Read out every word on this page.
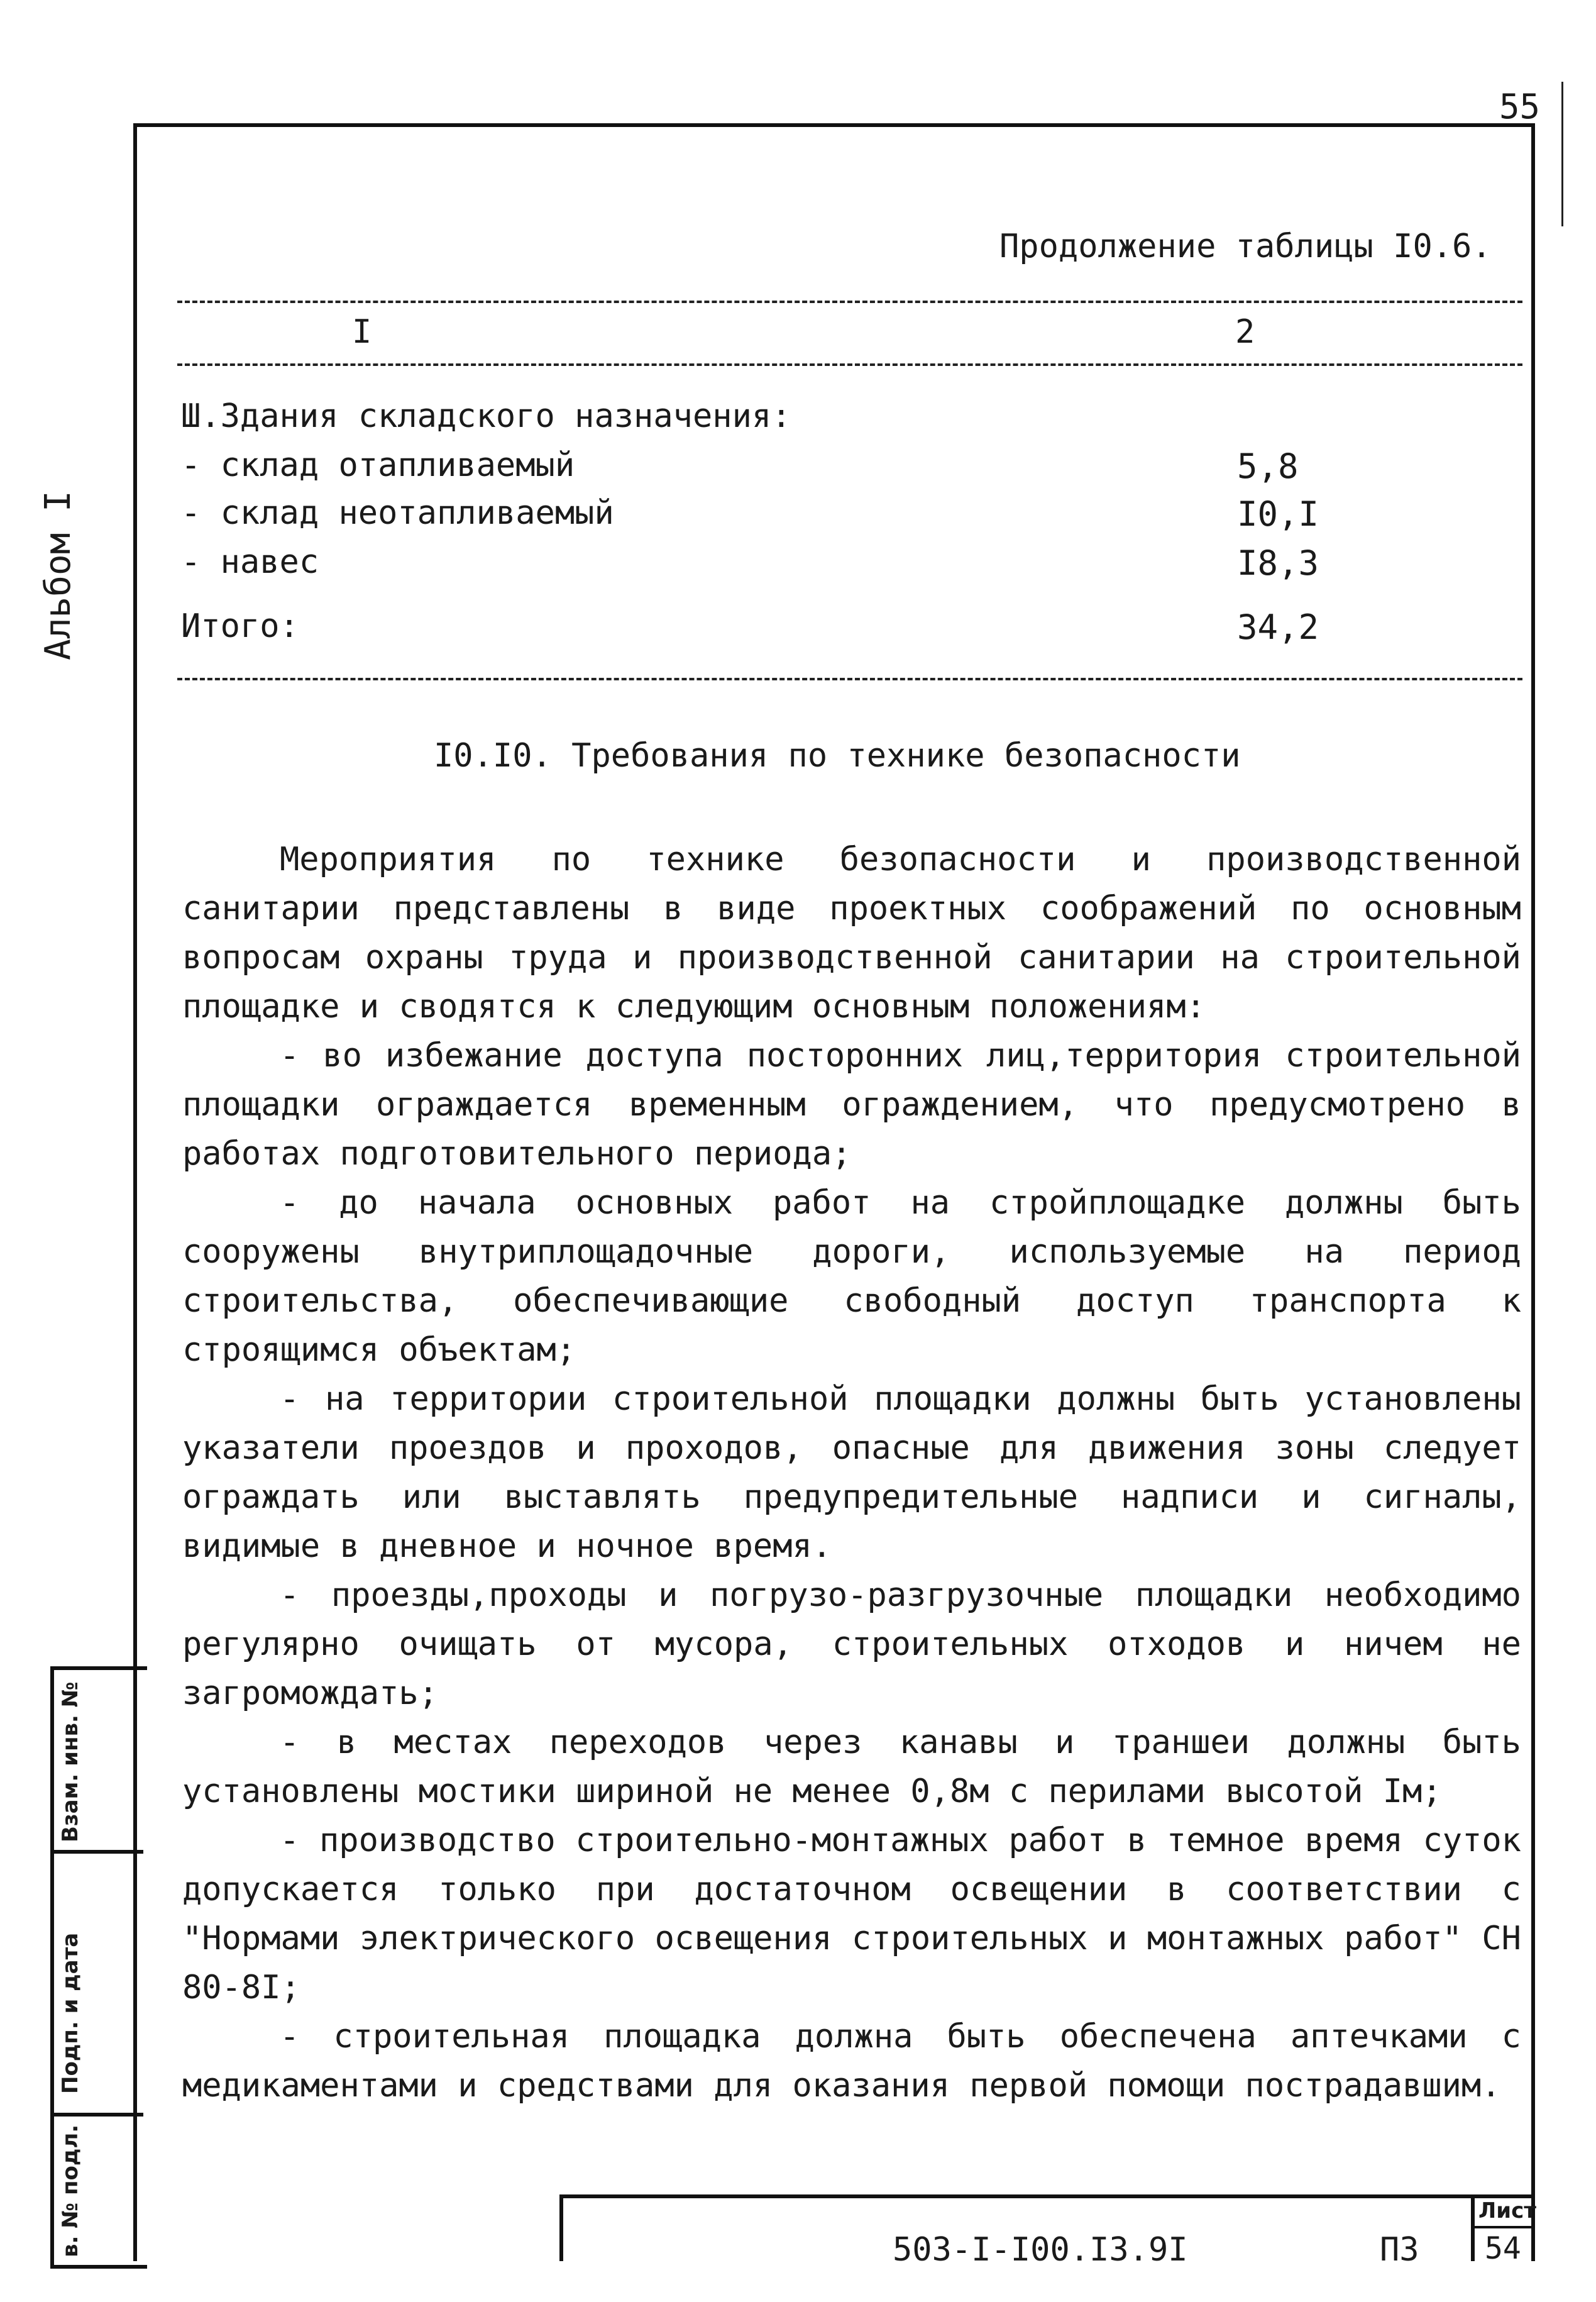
55
Альбом I
Продолжение таблицы I0.6.
I	2
Ш.Здания складского назначения:
- склад отапливаемый	5,8
- склад неотапливаемый	I0,I
- навес	I8,3
Итого:	34,2
I0.I0. Требования по технике безопасности

Мероприятия по технике безопасности и производственной санитарии представлены в виде проектных соображений по основным вопросам охраны труда и производственной санитарии на строительной площадке и сводятся к следующим основным положениям:

- во избежание доступа посторонних лиц,территория строительной площадки ограждается временным ограждением, что предусмотрено в работах подготовительного периода;

- до начала основных работ на стройплощадке должны быть сооружены внутриплощадочные дороги, используемые на период строительства, обеспечивающие свободный доступ транспорта к строящимся объектам;

- на территории строительной площадки должны быть установлены указатели проездов и проходов, опасные для движения зоны следует ограждать или выставлять предупредительные надписи и сигналы, видимые в дневное и ночное время.

- проезды,проходы и погрузо-разгрузочные площадки необходимо регулярно очищать от мусора, строительных отходов и ничем не загромождать;

- в местах переходов через канавы и траншеи должны быть установлены мостики шириной не менее 0,8м с перилами высотой Iм;

- производство строительно-монтажных работ в темное время суток допускается только при достаточном освещении в соответствии с "Нормами электрического освещения строительных и монтажных работ" СН 80-8I;

- строительная площадка должна быть обеспечена аптечками с медикаментами и средствами для оказания первой помощи пострадавшим.

Взам. инв. №
Подп. и дата
в. № подл.	503-I-I00.I3.9I	ПЗ
Лист
54
